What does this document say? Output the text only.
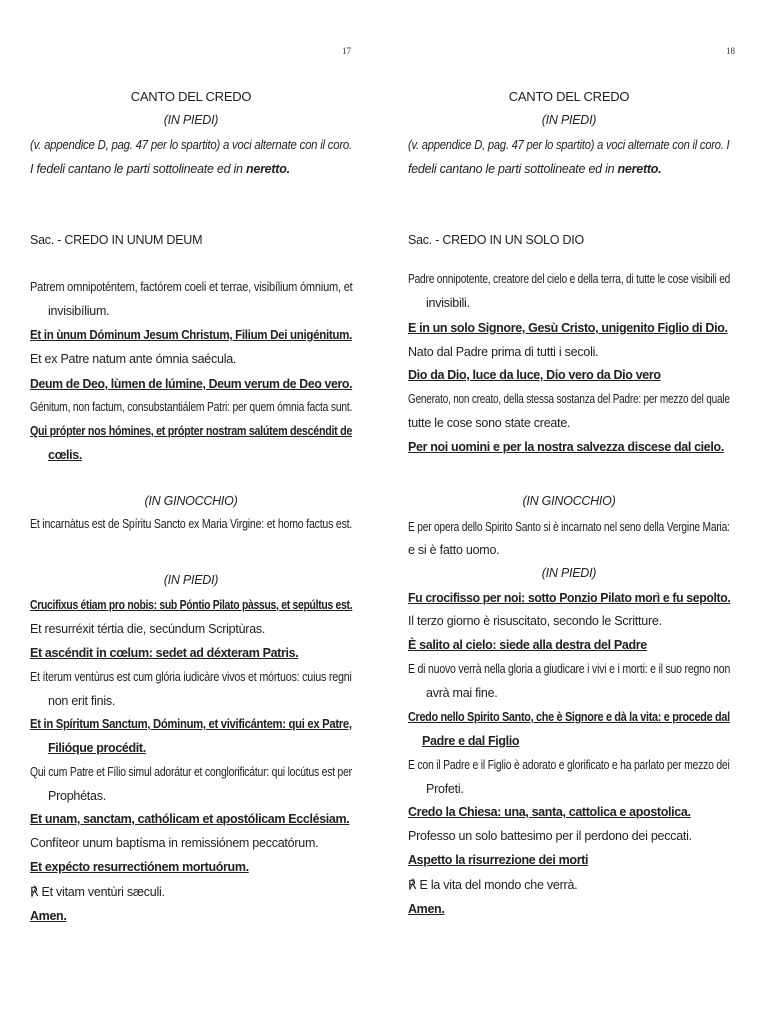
17	18

CANTO DEL CREDO

(IN PIEDI)

(v. appendice D, pag. 47 per lo spartito) a voci alternate con il coro.

I fedeli cantano le parti sottolineate ed in neretto.

Sac. - CREDO IN UNUM DEUM

Patrem omnipoténtem, factórem coeli et terrae, visibílium ómnium, et

invisibílium.

Et in ùnum Dóminum Jesum Christum, Filium Dei unigénitum.

Et ex Patre natum ante ómnia saécula.

Deum de Deo, lùmen de lúmine, Deum verum de Deo vero.

Génitum, non factum, consubstantiálem Patri: per quem ómnia facta sunt.

Qui própter nos hómines, et própter nostram salútem descéndit de

cœlis.

(IN GINOCCHIO)

Et incarnàtus est de Spíritu Sancto ex Maria Virgine: et homo factus est.

(IN PIEDI)

Crucifixus étiam pro nobis: sub Póntio Pilato pàssus, et sepúltus est.

Et resurréxit tértia die, secúndum Scriptùras.

Et ascéndit in cœlum: sedet ad déxteram Patris.

Et íterum ventùrus est cum glória iudicàre vivos et mórtuos: cuius regni

non erit finis.

Et in Spíritum Sanctum, Dóminum, et vivificántem: qui ex Patre,

Filióque procédit.

Qui cum Patre et Fílio simul adorátur et conglorificátur: qui locútus est per

Prophétas.

Et unam, sanctam, cathólicam et apostólicam Ecclésiam.

Confíteor unum baptísma in remissiónem peccatórum.

Et expécto resurrectiónem mortuórum.

℟ Et vitam ventùri sæculi.

Amen.

CANTO DEL CREDO

(IN PIEDI)

(v. appendice D, pag. 47 per lo spartito) a voci alternate con il coro. I

fedeli cantano le parti sottolineate ed in neretto.

Sac. - CREDO IN UN SOLO DIO

Padre onnipotente, creatore del cielo e della terra, di tutte le cose visibili ed

invisibili.

E in un solo Signore, Gesù Cristo, unigenito Figlio di Dio.

Nato dal Padre prima di tutti i secoli.

Dio da Dio, luce da luce, Dio vero da Dio vero

Generato, non creato, della stessa sostanza del Padre: per mezzo del quale

tutte le cose sono state create.

Per noi uomini e per la nostra salvezza discese dal cielo.

(IN GINOCCHIO)

E per opera dello Spirito Santo si è incarnato nel seno della Vergine Maria:

e si è fatto uomo.

(IN PIEDI)

Fu crocifisso per noi: sotto Ponzio Pilato morì e fu sepolto.

Il terzo giorno è risuscitato, secondo le Scritture.

È salito al cielo: siede alla destra del Padre

E di nuovo verrà nella gloria a giudicare i vivi e i morti: e il suo regno non

avrà mai fine.

Credo nello Spirito Santo, che è Signore e dà la vita: e procede dal

Padre e dal Figlio

E con il Padre e il Figlio è adorato e glorificato e ha parlato per mezzo dei

Profeti.

Credo la Chiesa: una, santa, cattolica e apostolica.

Professo un solo battesimo per il perdono dei peccati.

Aspetto la risurrezione dei morti

℟ E la vita del mondo che verrà.

Amen.
